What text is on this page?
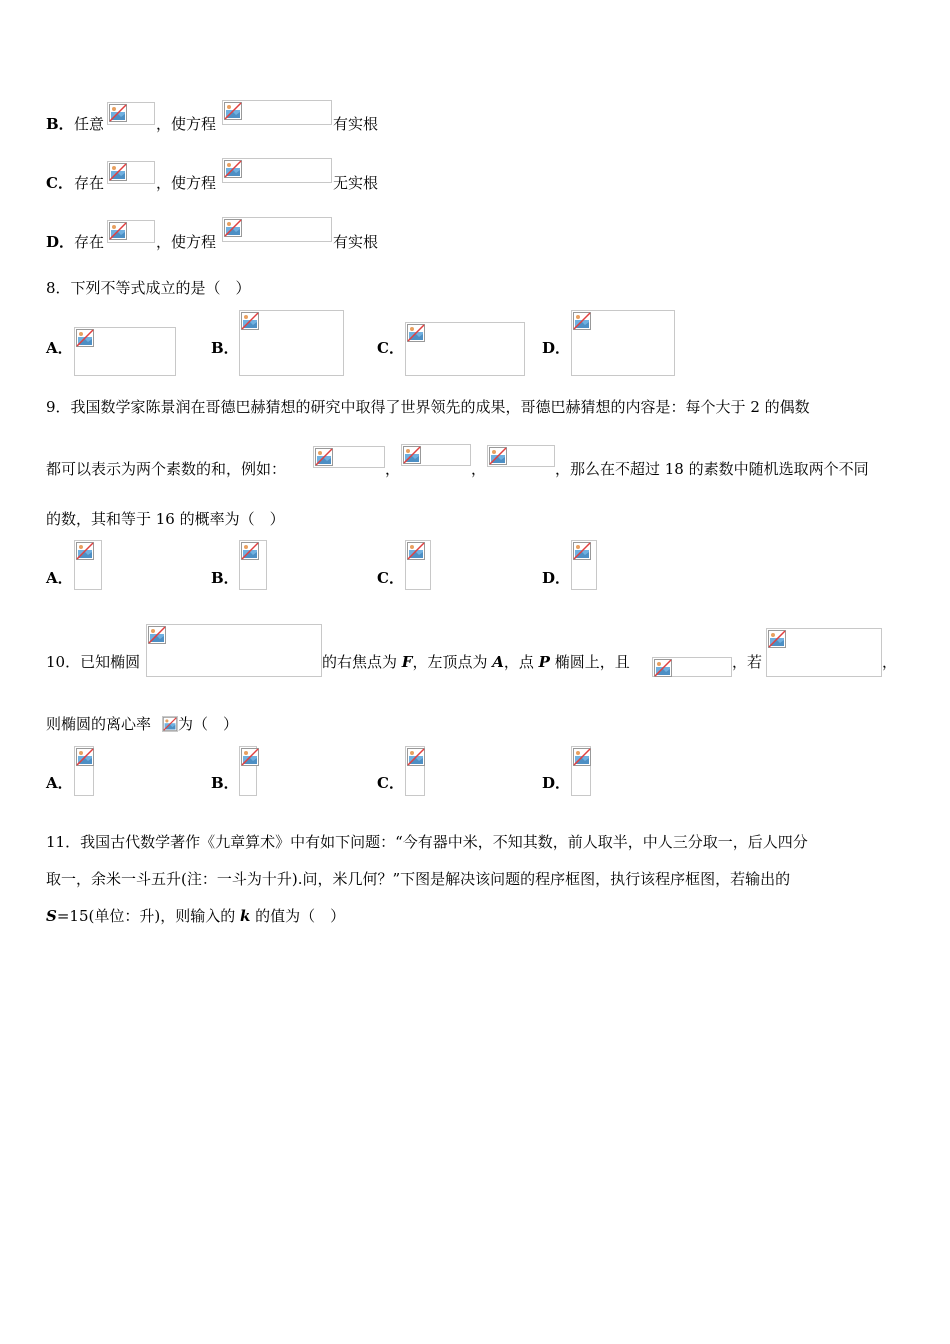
B． 任意	，使方程	有实根
C． 存在	，使方程	无实根
D． 存在	，使方程	有实根
8．下列不等式成立的是（　）
A．	B．	C．	D．
9．我国数学家陈景润在哥德巴赫猜想的研究中取得了世界领先的成果，哥德巴赫猜想的内容是：每个大于 2 的偶数
都可以表示为两个素数的和，例如：	，	，	，那么在不超过 18 的素数中随机选取两个不同
的数，其和等于 16 的概率为（　）
A．	B．	C．	D．
10．已知椭圆	的右焦点为 F，左顶点为 A，点 P 椭圆上，且	，若	，
则椭圆的离心率 为（　）
A．	B．	C．	D．
11．我国古代数学著作《九章算术》中有如下问题：“今有器中米，不知其数，前人取半，中人三分取一，后人四分
取一，余米一斗五升(注：一斗为十升).问，米几何？”下图是解决该问题的程序框图，执行该程序框图，若输出的
S=15(单位：升)，则输入的 k 的值为（　）
